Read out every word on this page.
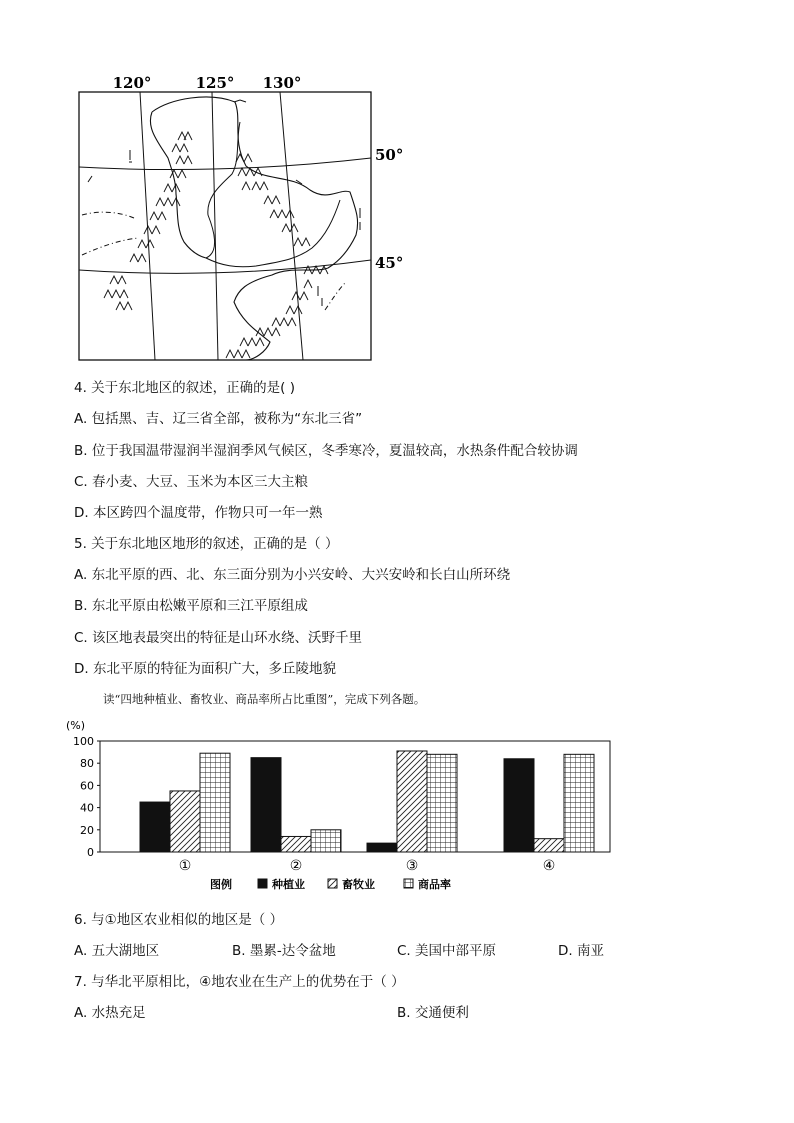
120°	125° 130°
50°
45°
4. 关于东北地区的叙述，正确的是( )
A. 包括黑、吉、辽三省全部，被称为“东北三省”
B. 位于我国温带湿润半湿润季风气候区，冬季寒冷，夏温较高，水热条件配合较协调
C. 春小麦、大豆、玉米为本区三大主粮
D. 本区跨四个温度带，作物只可一年一熟
5. 关于东北地区地形的叙述，正确的是（ ）
A. 东北平原的西、北、东三面分别为小兴安岭、大兴安岭和长白山所环绕
B. 东北平原由松嫩平原和三江平原组成
C. 该区地表最突出的特征是山环水绕、沃野千里
D. 东北平原的特征为面积广大，多丘陵地貌
读“四地种植业、畜牧业、商品率所占比重图”，完成下列各题。
(%)
0
20
40
60
80
100
①	②	③	④
图例	种植业	畜牧业	商品率
6. 与①地区农业相似的地区是（ ）
A. 五大湖地区	B. 墨累-达令盆地	C. 美国中部平原	D. 南亚
7. 与华北平原相比，④地农业在生产上的优势在于（ ）
A. 水热充足	B. 交通便利
